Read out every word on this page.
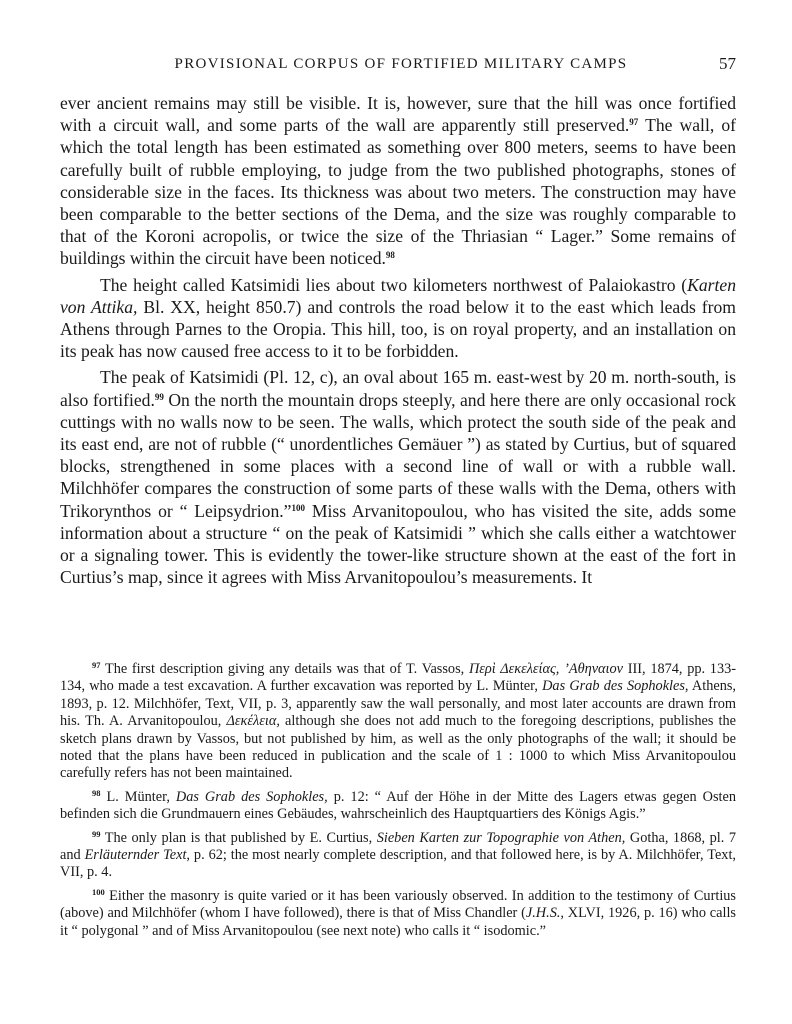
PROVISIONAL CORPUS OF FORTIFIED MILITARY CAMPS	57

ever ancient remains may still be visible. It is, however, sure that the hill was once fortified with a circuit wall, and some parts of the wall are apparently still preserved.$^{97}$ The wall, of which the total length has been estimated as something over 800 meters, seems to have been carefully built of rubble employing, to judge from the two published photographs, stones of considerable size in the faces. Its thickness was about two meters. The construction may have been comparable to the better sections of the Dema, and the size was roughly comparable to that of the Koroni acropolis, or twice the size of the Thriasian “ Lager.” Some remains of buildings within the circuit have been noticed.$^{98}$

The height called Katsimidi lies about two kilometers northwest of Palaiokastro (Karten von Attika, Bl. XX, height 850.7) and controls the road below it to the east which leads from Athens through Parnes to the Oropia. This hill, too, is on royal property, and an installation on its peak has now caused free access to it to be forbidden.

The peak of Katsimidi (Pl. 12, c), an oval about 165 m. east-west by 20 m. north-south, is also fortified.$^{99}$ On the north the mountain drops steeply, and here there are only occasional rock cuttings with no walls now to be seen. The walls, which protect the south side of the peak and its east end, are not of rubble (“ unordentliches Gemäuer ”) as stated by Curtius, but of squared blocks, strengthened in some places with a second line of wall or with a rubble wall. Milchhöfer compares the construction of some parts of these walls with the Dema, others with Trikorynthos or “ Leipsydrion.”$^{100}$ Miss Arvanitopoulou, who has visited the site, adds some information about a structure “ on the peak of Katsimidi ” which she calls either a watchtower or a signaling tower. This is evidently the tower-like structure shown at the east of the fort in Curtius’s map, since it agrees with Miss Arvanitopoulou’s measurements. It

$^{97}$ The first description giving any details was that of T. Vassos, Περὶ Δεκελείας, ’Αθηναιον III, 1874, pp. 133-134, who made a test excavation. A further excavation was reported by L. Münter, Das Grab des Sophokles, Athens, 1893, p. 12. Milchhöfer, Text, VII, p. 3, apparently saw the wall personally, and most later accounts are drawn from his. Th. A. Arvanitopoulou, Δεκέλεια, although she does not add much to the foregoing descriptions, publishes the sketch plans drawn by Vassos, but not published by him, as well as the only photographs of the wall; it should be noted that the plans have been reduced in publication and the scale of 1 : 1000 to which Miss Arvanitopoulou carefully refers has not been maintained.

$^{98}$ L. Münter, Das Grab des Sophokles, p. 12: “ Auf der Höhe in der Mitte des Lagers etwas gegen Osten befinden sich die Grundmauern eines Gebäudes, wahrscheinlich des Hauptquartiers des Königs Agis.”

$^{99}$ The only plan is that published by E. Curtius, Sieben Karten zur Topographie von Athen, Gotha, 1868, pl. 7 and Erläuternder Text, p. 62; the most nearly complete description, and that followed here, is by A. Milchhöfer, Text, VII, p. 4.

$^{100}$ Either the masonry is quite varied or it has been variously observed. In addition to the testimony of Curtius (above) and Milchhöfer (whom I have followed), there is that of Miss Chandler (J.H.S., XLVI, 1926, p. 16) who calls it “ polygonal ” and of Miss Arvanitopoulou (see next note) who calls it “ isodomic.”
